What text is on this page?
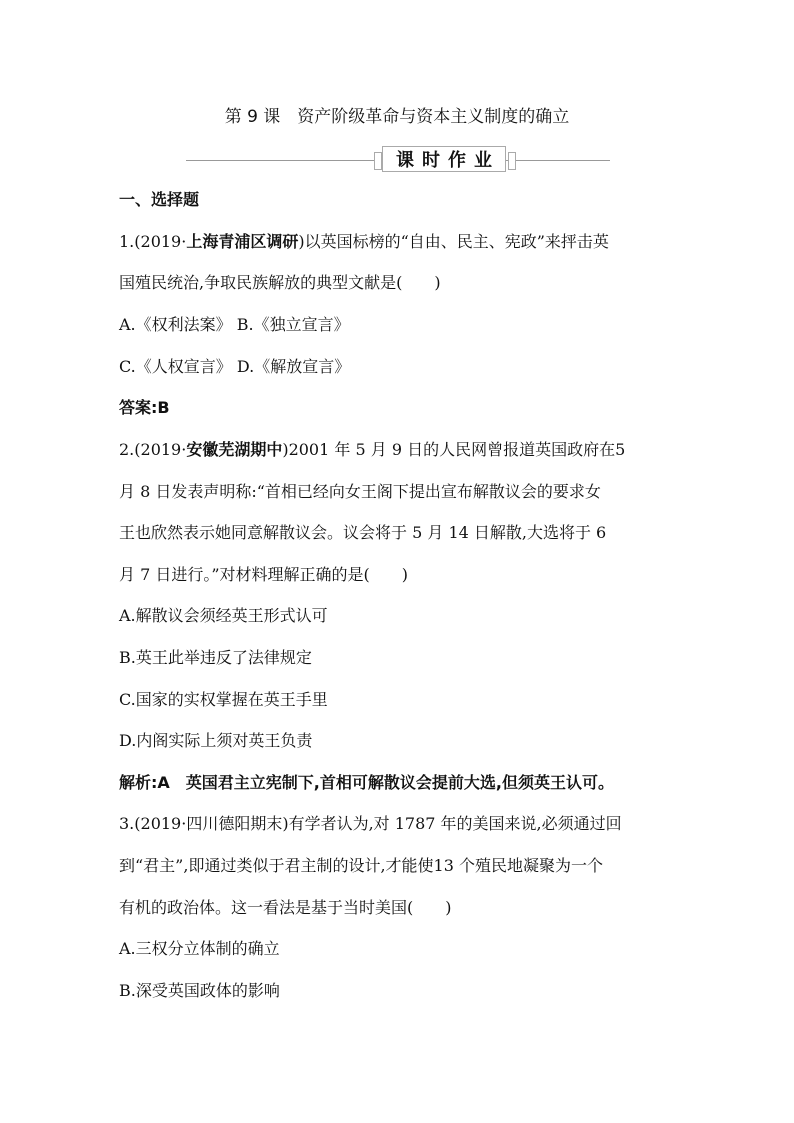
第 9 课　资产阶级革命与资本主义制度的确立
课时作业
一、选择题
1.(2019·上海青浦区调研)以英国标榜的“自由、民主、宪政”来抨击英
国殖民统治,争取民族解放的典型文献是(　　)
A.《权利法案》 B.《独立宣言》
C.《人权宣言》 D.《解放宣言》
答案:B
2.(2019·安徽芜湖期中)2001 年 5 月 9 日的人民网曾报道英国政府在5
月 8 日发表声明称:“首相已经向女王阁下提出宣布解散议会的要求女
王也欣然表示她同意解散议会。议会将于 5 月 14 日解散,大选将于 6
月 7 日进行。”对材料理解正确的是(　　)
A.解散议会须经英王形式认可
B.英王此举违反了法律规定
C.国家的实权掌握在英王手里
D.内阁实际上须对英王负责
解析:A　英国君主立宪制下,首相可解散议会提前大选,但须英王认可。
3.(2019·四川德阳期末)有学者认为,对 1787 年的美国来说,必须通过回
到“君主”,即通过类似于君主制的设计,才能使13 个殖民地凝聚为一个
有机的政治体。这一看法是基于当时美国(　　)
A.三权分立体制的确立
B.深受英国政体的影响
